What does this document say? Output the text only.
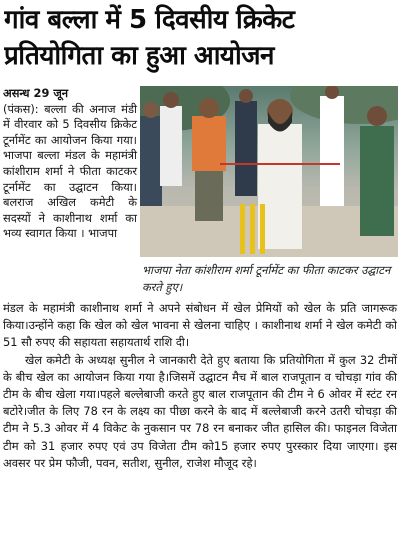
गांव बल्ला में 5 दिवसीय क्रिकेट
प्रतियोगिता का हुआ आयोजन

असन्ध 29 जून

(पंकस): बल्ला की अनाज मंडी में वीरवार को 5 दिवसीय क्रिकेट टूर्नामेंट का आयोजन किया गया। भाजपा बल्ला मंडल के महामंत्री कांशीराम शर्मा ने फीता काटकर टूर्नामेंट का उद्घाटन किया।बलराज अखिल कमेटी के सदस्यों ने काशीनाथ शर्मा का भव्य स्वागत किया । भाजपा

भाजपा नेता कांशीराम शर्मा टूर्नामेंट का फीता काटकर उद्घाटन करते हुए।

मंडल के महामंत्री काशीनाथ शर्मा ने अपने संबोधन में खेल प्रेमियों को खेल के प्रति जागरूक किया।उन्होंने कहा कि खेल को खेल भावना से खेलना चाहिए । काशीनाथ शर्मा ने खेल कमेटी को 51 सौ रुपए की सहायता सहायतार्थ राशि दी।

खेल कमेटी के अध्यक्ष सुनील ने जानकारी देते हुए बताया कि प्रतियोगिता में कुल 32 टीमों के बीच खेल का आयोजन किया गया है।जिसमें उद्घाटन मैच में बाल राजपूतान व चोचड़ा गांव की टीम के बीच खेला गया।पहले बल्लेबाजी करते हुए बाल राजपूतान की टीम ने 6 ओवर में स्टंट रन बटोरे।जीत के लिए 78 रन के लक्ष्य का पीछा करने के बाद में बल्लेबाजी करने उतरी चोचड़ा की टीम ने 5.3 ओवर में 4 विकेट के नुकसान पर 78 रन बनाकर जीत हासिल की। फाइनल विजेता टीम को 31 हजार रुपए एवं उप विजेता टीम को15 हजार रुपए पुरस्कार दिया जाएगा। इस अवसर पर प्रेम फौजी, पवन, सतीश, सुनील, राजेश मौजूद रहे।
